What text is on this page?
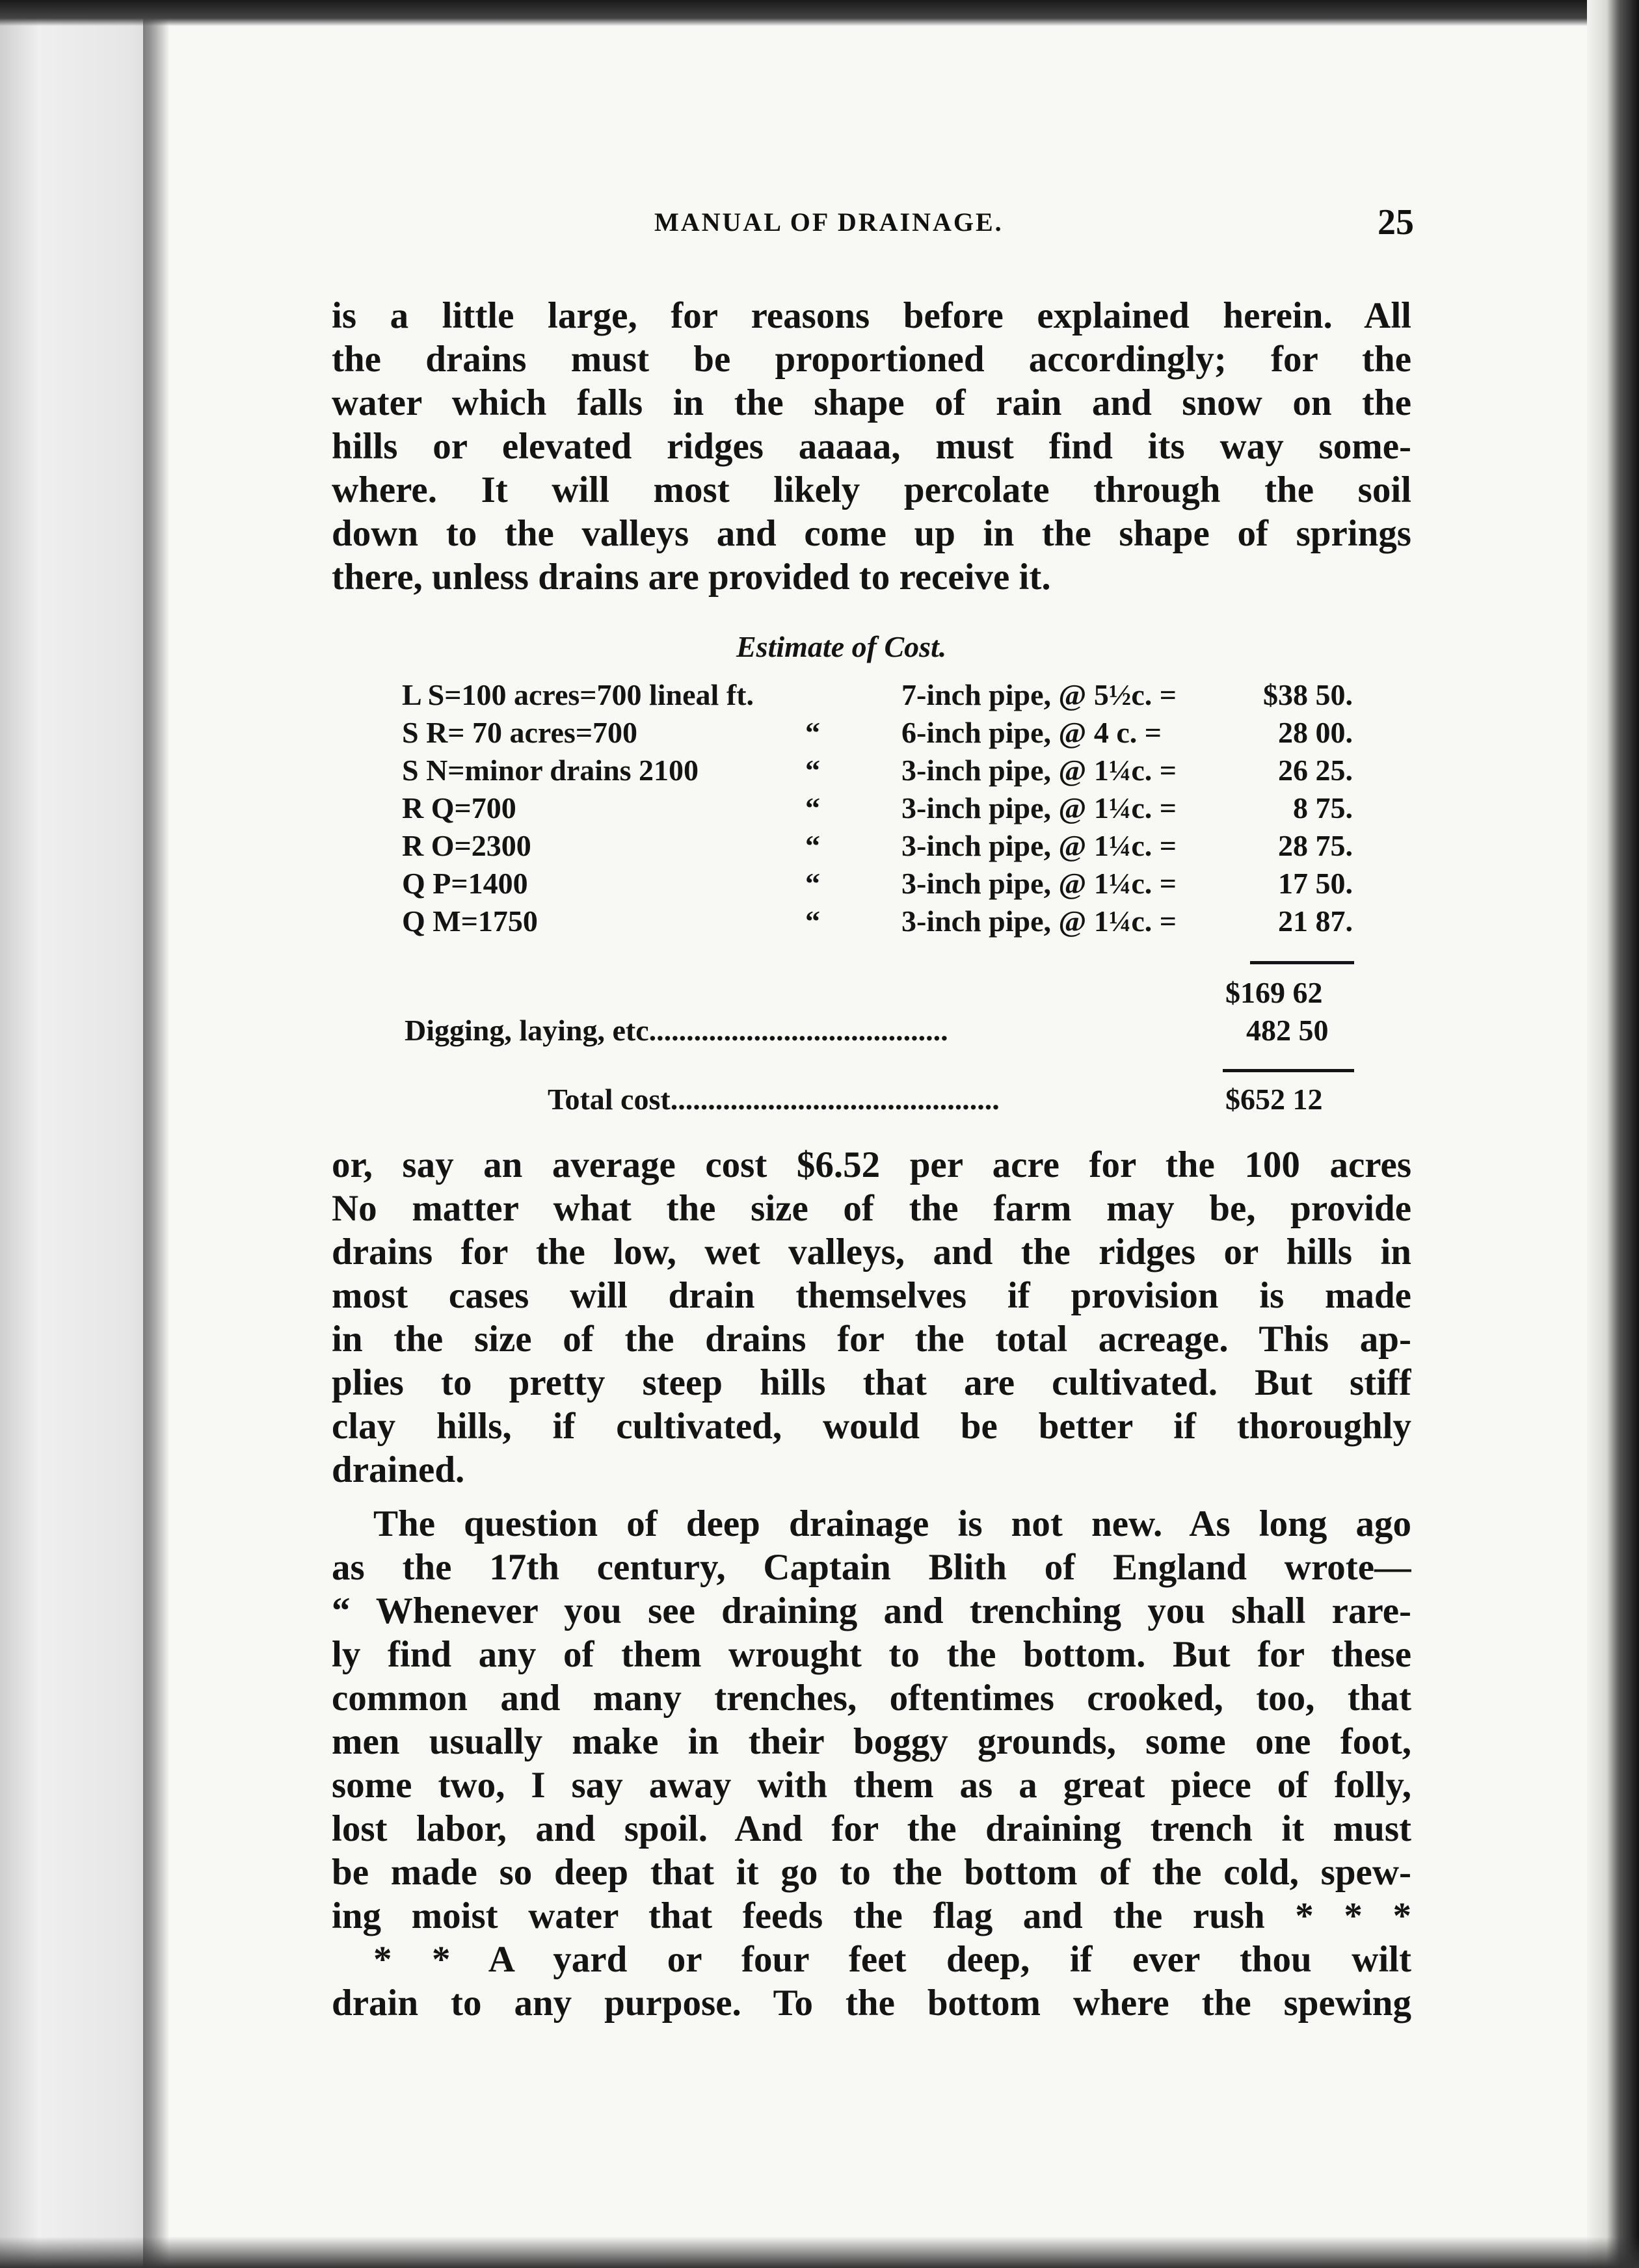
MANUAL OF DRAINAGE.	25
is a little large, for reasons before explained herein. All
the drains must be proportioned accordingly; for the
water which falls in the shape of rain and snow on the
hills or elevated ridges aaaaa, must find its way some-
where. It will most likely percolate through the soil
down to the valleys and come up in the shape of springs
there, unless drains are provided to receive it.
Estimate of Cost.
L S=100 acres=700 lineal ft.	7-inch pipe, @ 5½c. =	$38 50.
S R= 70 acres=700	“	6-inch pipe, @ 4 c. =	28 00.
S N=minor drains 2100	“	3-inch pipe, @ 1¼c. =	26 25.
R Q=700	“	3-inch pipe, @ 1¼c. =	8 75.
R O=2300	“	3-inch pipe, @ 1¼c. =	28 75.
Q P=1400	“	3-inch pipe, @ 1¼c. =	17 50.
Q M=1750	“	3-inch pipe, @ 1¼c. =	21 87.
$169 62
Digging, laying, etc........................................	482 50
Total cost............................................	$652 12
or, say an average cost $6.52 per acre for the 100 acres
No matter what the size of the farm may be, provide
drains for the low, wet valleys, and the ridges or hills in
most cases will drain themselves if provision is made
in the size of the drains for the total acreage. This ap-
plies to pretty steep hills that are cultivated. But stiff
clay hills, if cultivated, would be better if thoroughly
drained.
The question of deep drainage is not new. As long ago
as the 17th century, Captain Blith of England wrote—
“ Whenever you see draining and trenching you shall rare-
ly find any of them wrought to the bottom. But for these
common and many trenches, oftentimes crooked, too, that
men usually make in their boggy grounds, some one foot,
some two, I say away with them as a great piece of folly,
lost labor, and spoil. And for the draining trench it must
be made so deep that it go to the bottom of the cold, spew-
ing moist water that feeds the flag and the rush * * *
* * A yard or four feet deep, if ever thou wilt
drain to any purpose. To the bottom where the spewing
